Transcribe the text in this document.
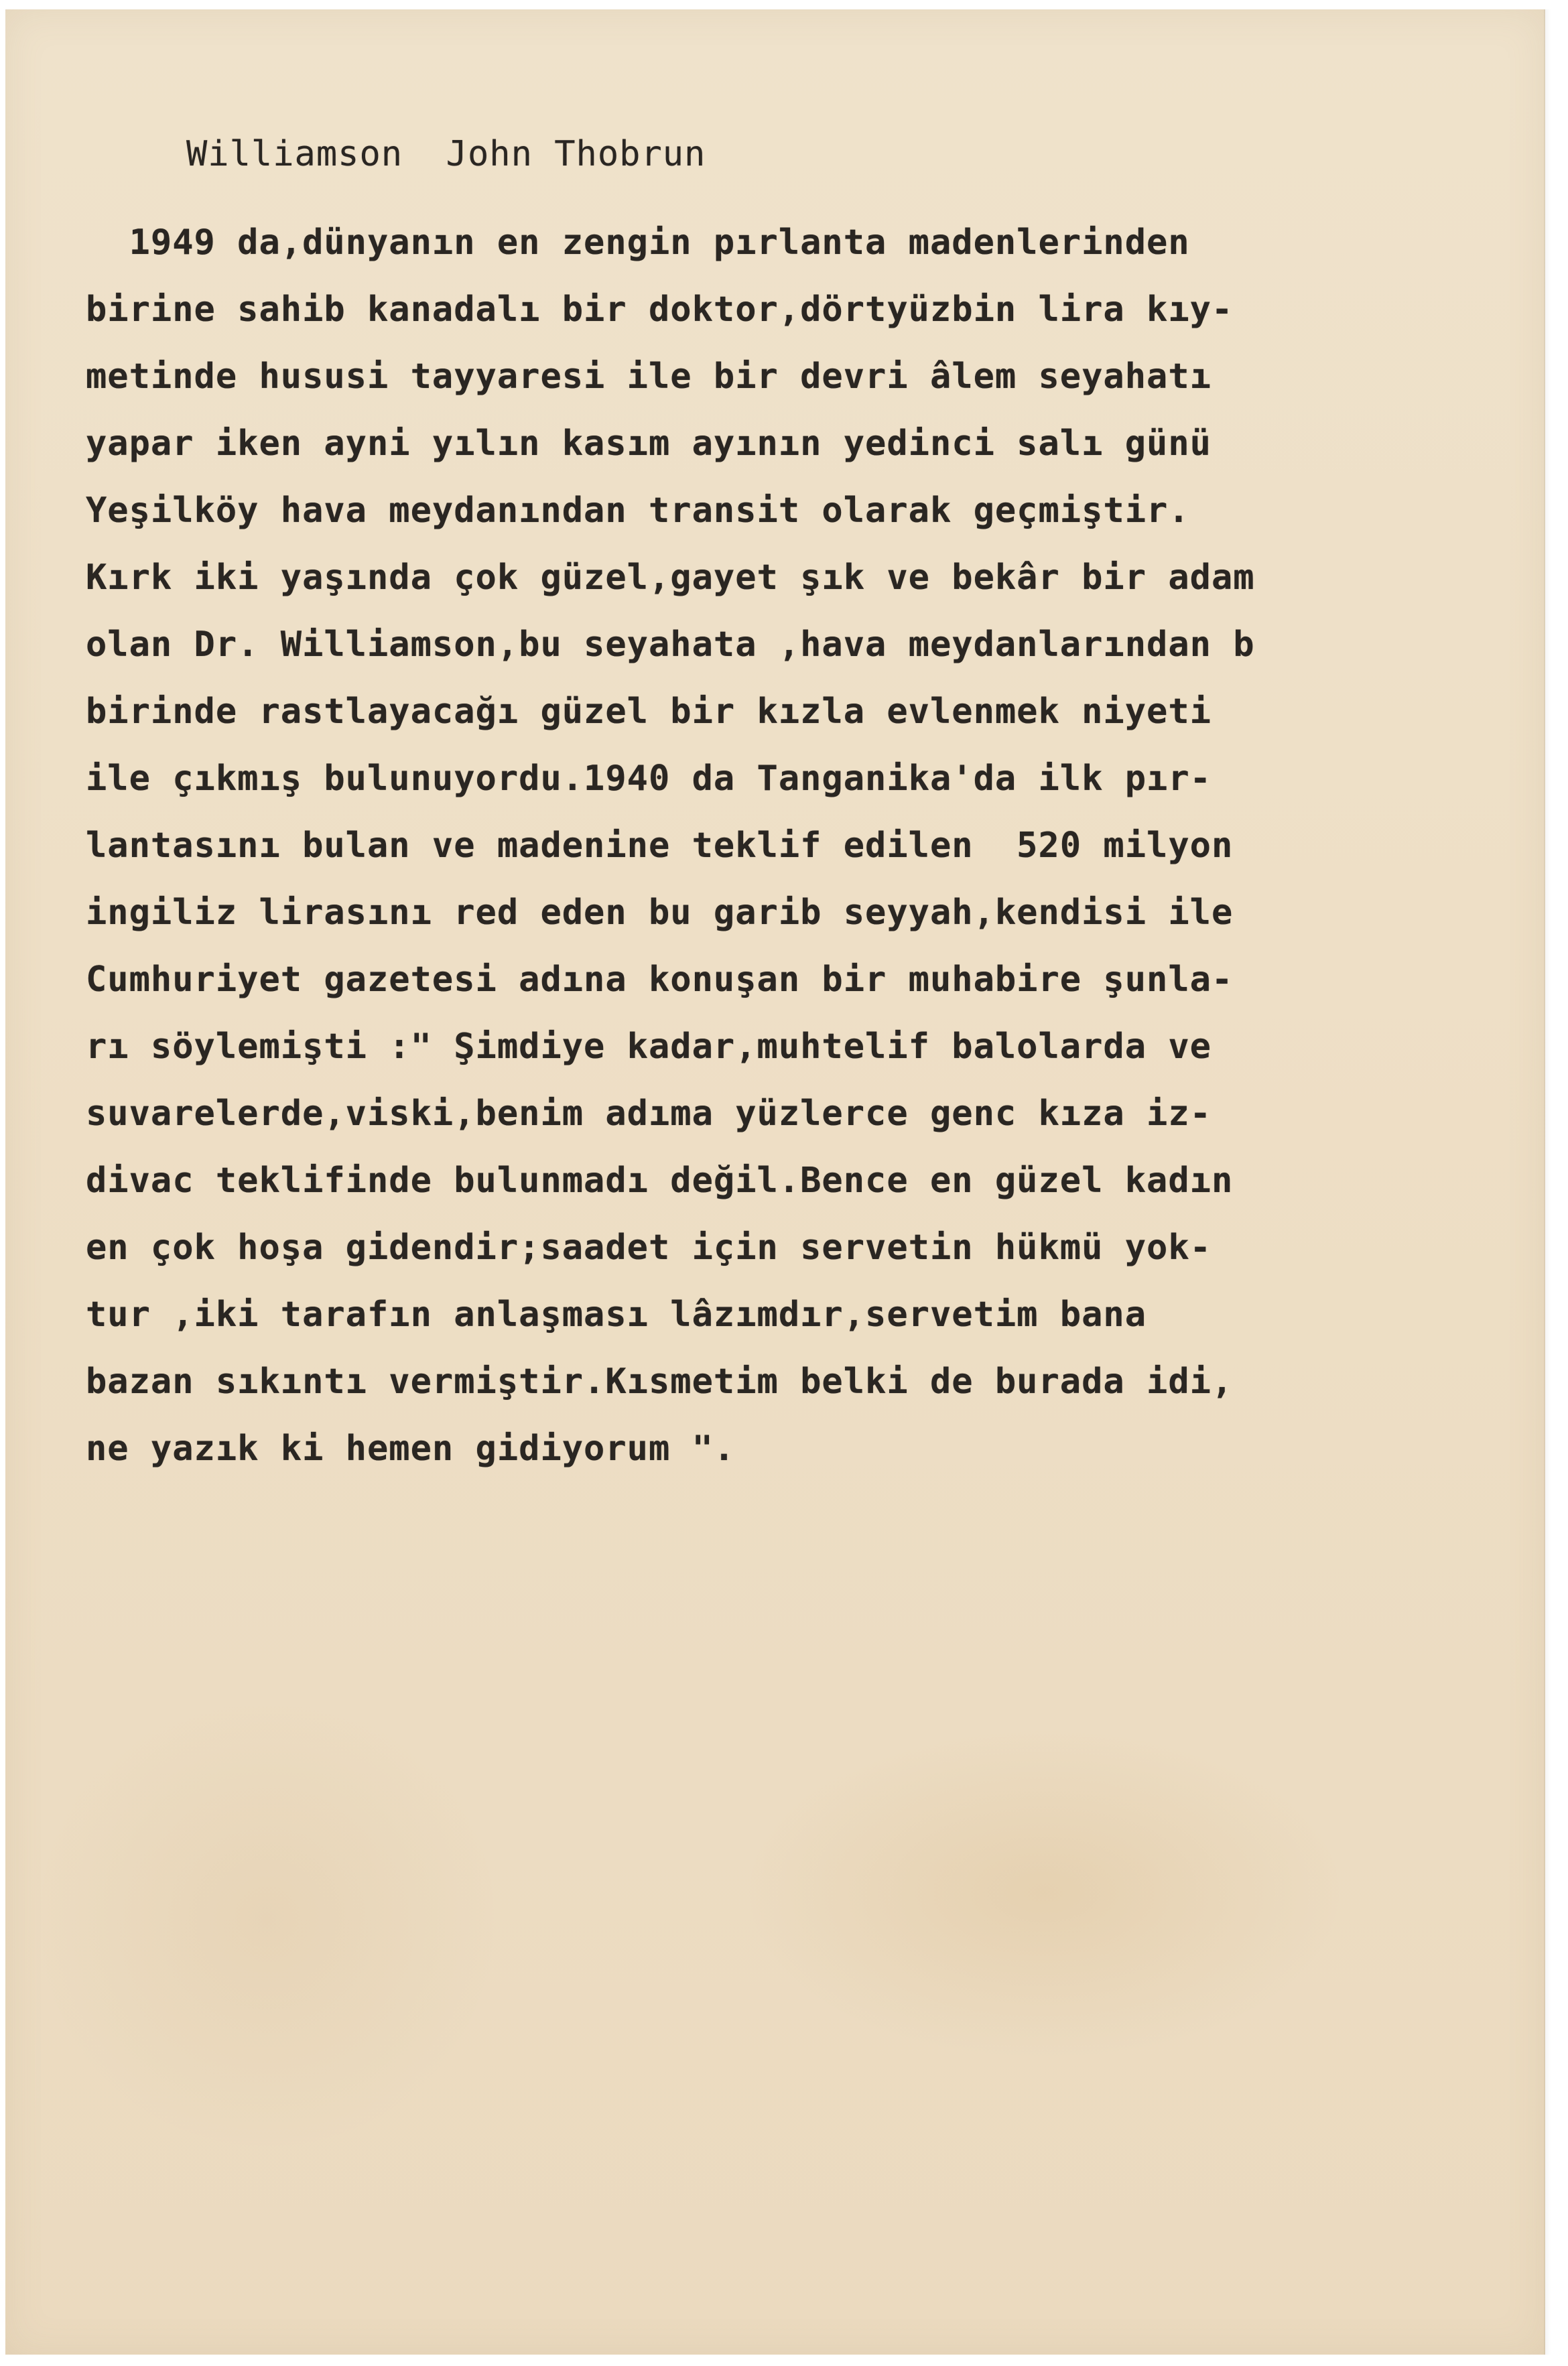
Williamson  John Thobrun
1949 da,dünyanın en zengin pırlanta madenlerinden
birine sahib kanadalı bir doktor,dörtyüzbin lira kıy-
metinde hususi tayyaresi ile bir devri âlem seyahatı
yapar iken ayni yılın kasım ayının yedinci salı günü
Yeşilköy hava meydanından transit olarak geçmiştir.
Kırk iki yaşında çok güzel,gayet şık ve bekâr bir adam
olan Dr. Williamson,bu seyahata ,hava meydanlarından b
birinde rastlayacağı güzel bir kızla evlenmek niyeti
ile çıkmış bulunuyordu.1940 da Tanganika'da ilk pır-
lantasını bulan ve madenine teklif edilen  520 milyon
ingiliz lirasını red eden bu garib seyyah,kendisi ile
Cumhuriyet gazetesi adına konuşan bir muhabire şunla-
rı söylemişti :" Şimdiye kadar,muhtelif balolarda ve
suvarelerde,viski,benim adıma yüzlerce genc kıza iz-
divac teklifinde bulunmadı değil.Bence en güzel kadın
en çok hoşa gidendir;saadet için servetin hükmü yok-
tur ,iki tarafın anlaşması lâzımdır,servetim bana
bazan sıkıntı vermiştir.Kısmetim belki de burada idi,
ne yazık ki hemen gidiyorum ".
